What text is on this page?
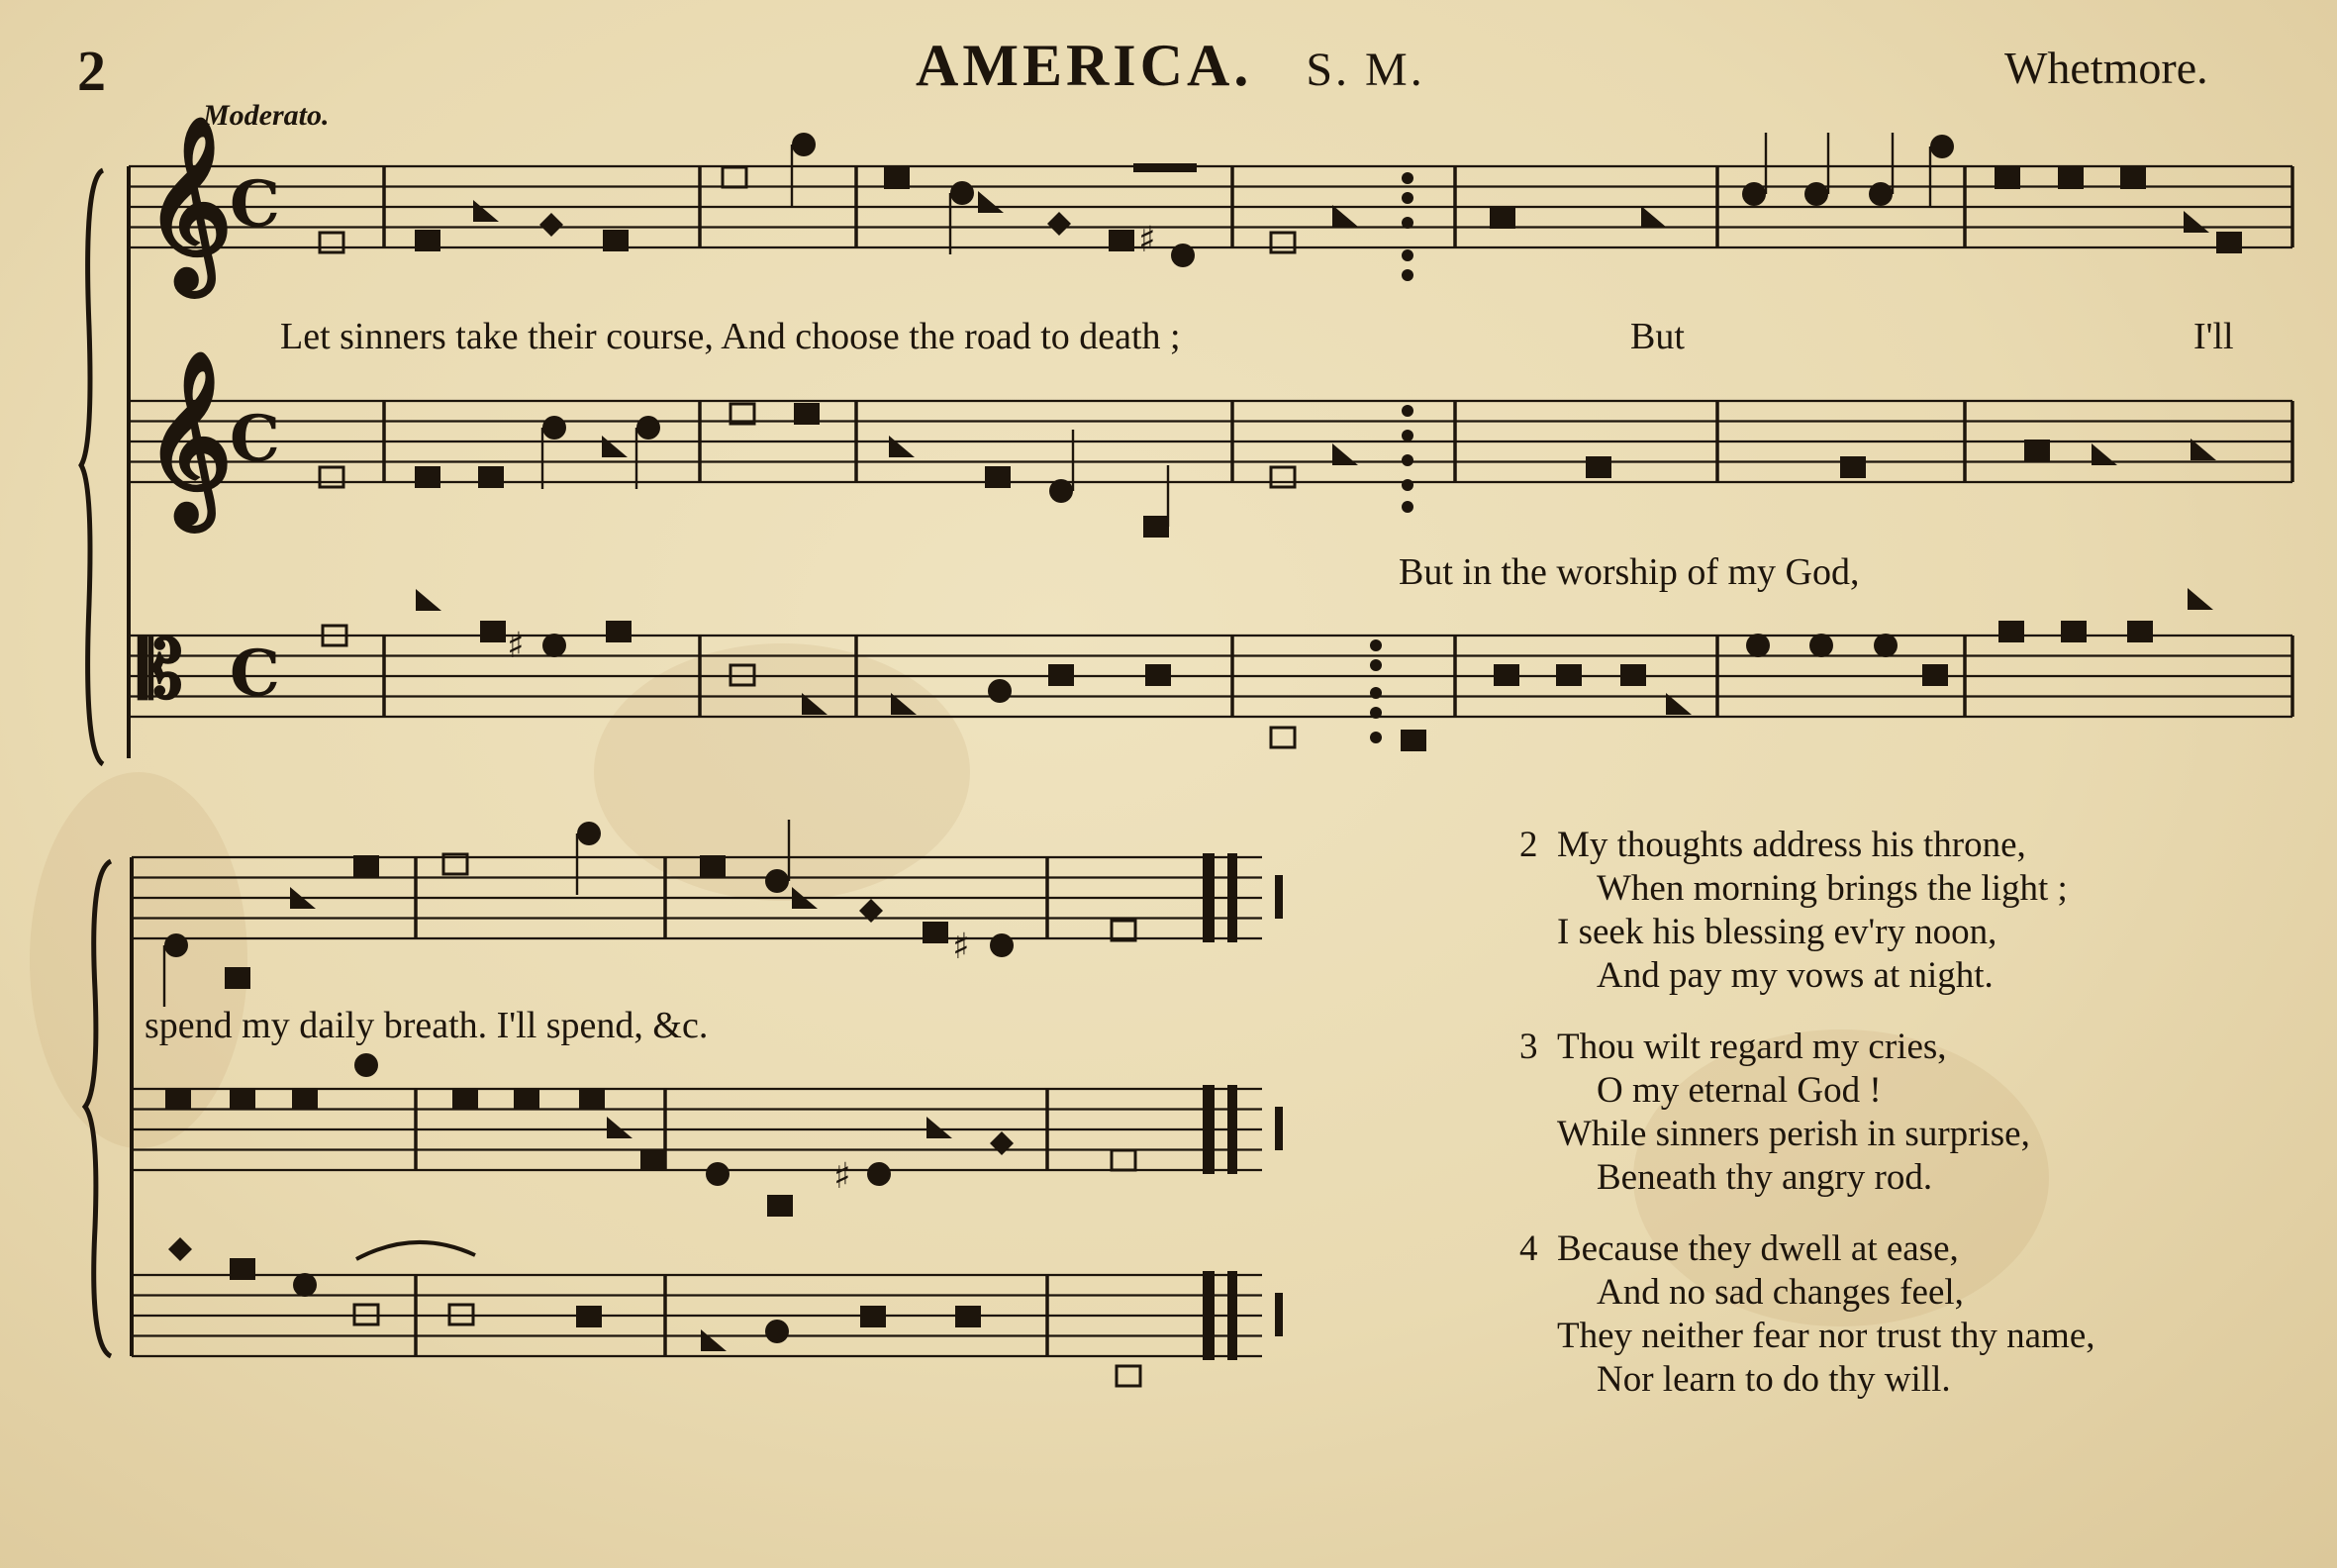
2	AMERICA. S. M.	Whetmore.
Moderato.
C
C
C
𝄞
𝄞
𝄡
♯
♯
♯
♯
Let sinners take their course, And choose the road to death ;	But	I'll
But in the worship of my God,
spend my daily breath. I'll spend, &c.
2 My thoughts address his throne,
When morning brings the light ;
I seek his blessing ev'ry noon,
And pay my vows at night.
3 Thou wilt regard my cries,
O my eternal God !
While sinners perish in surprise,
Beneath thy angry rod.
4 Because they dwell at ease,
And no sad changes feel,
They neither fear nor trust thy name,
Nor learn to do thy will.
